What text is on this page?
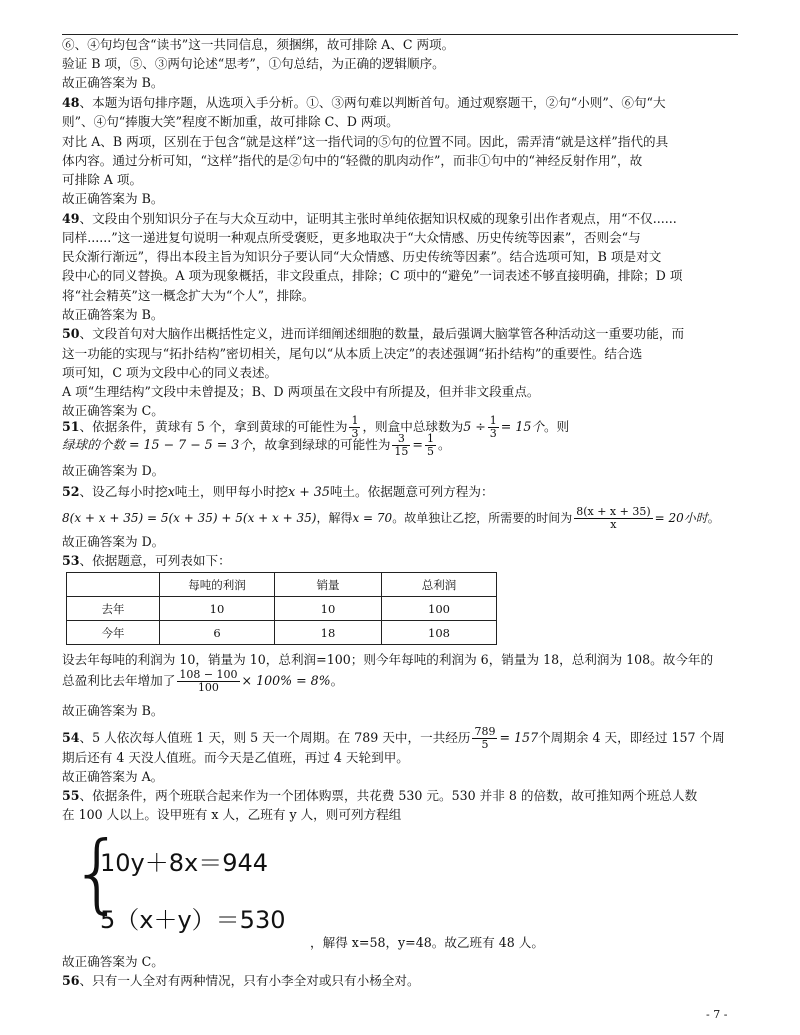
⑥、④句均包含“读书”这一共同信息，须捆绑，故可排除 A、C 两项。
验证 B 项，⑤、③两句论述“思考”，①句总结，为正确的逻辑顺序。
故正确答案为 B。
48、本题为语句排序题，从选项入手分析。①、③两句难以判断首句。通过观察题干，②句“小则”、⑥句“大
则”、④句“捧腹大笑”程度不断加重，故可排除 C、D 两项。
对比 A、B 两项，区别在于包含“就是这样”这一指代词的⑤句的位置不同。因此，需弄清“就是这样”指代的具
体内容。通过分析可知，“这样”指代的是②句中的“轻微的肌肉动作”，而非①句中的“神经反射作用”，故
可排除 A 项。
故正确答案为 B。
49、文段由个别知识分子在与大众互动中，证明其主张时单纯依据知识权威的现象引出作者观点，用“不仅......
同样......”这一递进复句说明一种观点所受褒贬，更多地取决于“大众情感、历史传统等因素”，否则会“与
民众渐行渐远”，得出本段主旨为知识分子要认同“大众情感、历史传统等因素”。结合选项可知，B 项是对文
段中心的同义替换。A 项为现象概括，非文段重点，排除；C 项中的“避免”一词表述不够直接明确，排除；D 项
将“社会精英”这一概念扩大为“个人”，排除。
故正确答案为 B。
50、文段首句对大脑作出概括性定义，进而详细阐述细胞的数量，最后强调大脑掌管各种活动这一重要功能，而
这一功能的实现与“拓扑结构”密切相关，尾句以“从本质上决定”的表述强调“拓扑结构”的重要性。结合选
项可知，C 项为文段中心的同义表述。
A 项“生理结构”文段中未曾提及；B、D 两项虽在文段中有所提及，但并非文段重点。
故正确答案为 C。
51、依据条件，黄球有 5 个，拿到黄球的可能性为 $\frac{1}{3}$ ，则盒中总球数为$5 \div \frac{1}{3} = 15$个。则
绿球的个数 = 15 − 7 − 5 = 3个，故拿到绿球的可能性为 $\frac{3}{15} = \frac{1}{5}$ 。
故正确答案为 D。
52、设乙每小时挖x吨土，则甲每小时挖x + 35吨土。依据题意可列方程为：
8(x + x + 35) = 5(x + 35) + 5(x + x + 35)，解得x = 70。故单独让乙挖，所需要的时间为 $\frac{8(x + x + 35)}{x} = 20$小时。
故正确答案为 D。
53、依据题意，可列表如下：
	每吨的利润	销量	总利润
去年	10	10	100
今年	6	18	108
设去年每吨的利润为 10，销量为 10，总利润=100；则今年每吨的利润为 6，销量为 18，总利润为 108。故今年的
总盈利比去年增加了 $\frac{108 - 100}{100} \times 100\% = 8\%$。
故正确答案为 B。
54、5 人依次每人值班 1 天，则 5 天一个周期。在 789 天中，一共经历 $\frac{789}{5} = 157$个周期余 4 天，即经过 157 个周
期后还有 4 天没人值班。而今天是乙值班，再过 4 天轮到甲。
故正确答案为 A。
55、依据条件，两个班联合起来作为一个团体购票，共花费 530 元。530 并非 8 的倍数，故可推知两个班总人数
在 100 人以上。设甲班有 x 人，乙班有 y 人，则可列方程组
{
10y＋8x＝944
5（x＋y）＝530
，解得 x=58，y=48。故乙班有 48 人。
故正确答案为 C。
56、只有一人全对有两种情况，只有小李全对或只有小杨全对。
- 7 -
